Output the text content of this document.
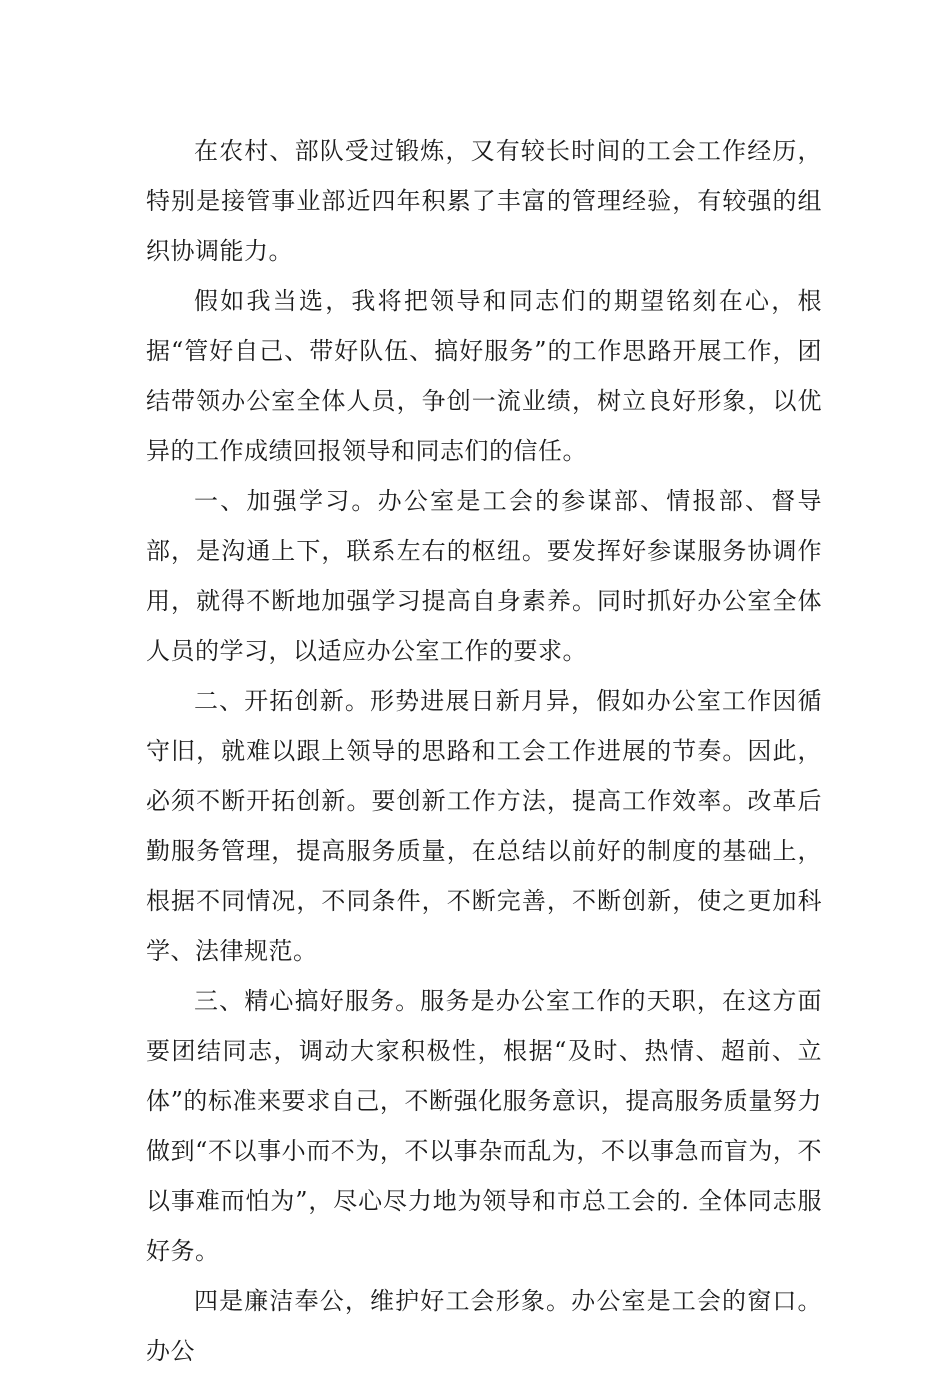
在农村、部队受过锻炼，又有较长时间的工会工作经历，特别是接管事业部近四年积累了丰富的管理经验，有较强的组织协调能力。

假如我当选，我将把领导和同志们的期望铭刻在心，根据“管好自己、带好队伍、搞好服务”的工作思路开展工作，团结带领办公室全体人员，争创一流业绩，树立良好形象，以优异的工作成绩回报领导和同志们的信任。

一、加强学习。办公室是工会的参谋部、情报部、督导部，是沟通上下，联系左右的枢纽。要发挥好参谋服务协调作用，就得不断地加强学习提高自身素养。同时抓好办公室全体人员的学习，以适应办公室工作的要求。

二、开拓创新。形势进展日新月异，假如办公室工作因循守旧，就难以跟上领导的思路和工会工作进展的节奏。因此，必须不断开拓创新。要创新工作方法，提高工作效率。改革后勤服务管理，提高服务质量，在总结以前好的制度的基础上，根据不同情况，不同条件，不断完善，不断创新，使之更加科学、法律规范。

三、精心搞好服务。服务是办公室工作的天职，在这方面要团结同志，调动大家积极性，根据“及时、热情、超前、立体”的标准来要求自己，不断强化服务意识，提高服务质量努力做到“不以事小而不为，不以事杂而乱为，不以事急而盲为，不以事难而怕为”，尽心尽力地为领导和市总工会的. 全体同志服好务。

四是廉洁奉公，维护好工会形象。办公室是工会的窗口。办公
